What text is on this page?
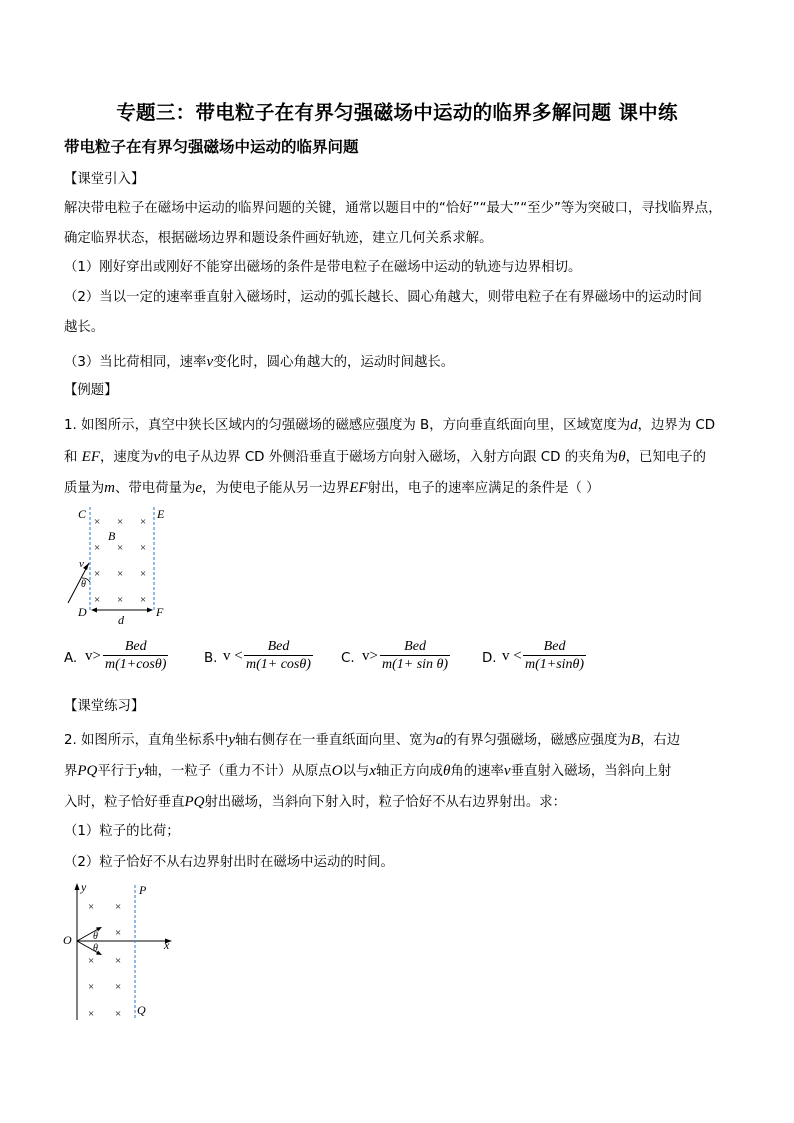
专题三：带电粒子在有界匀强磁场中运动的临界多解问题 课中练
带电粒子在有界匀强磁场中运动的临界问题
【课堂引入】
解决带电粒子在磁场中运动的临界问题的关键，通常以题目中的“恰好”“最大”“至少”等为突破口，寻找临界点，
确定临界状态，根据磁场边界和题设条件画好轨迹，建立几何关系求解。
（1）刚好穿出或刚好不能穿出磁场的条件是带电粒子在磁场中运动的轨迹与边界相切。
（2）当以一定的速率垂直射入磁场时，运动的弧长越长、圆心角越大，则带电粒子在有界磁场中的运动时间
越长。
（3）当比荷相同，速率v变化时，圆心角越大的，运动时间越长。
【例题】
1. 如图所示，真空中狭长区域内的匀强磁场的磁感应强度为 B，方向垂直纸面向里，区域宽度为d，边界为 CD
和 EF，速度为v的电子从边界 CD 外侧沿垂直于磁场方向射入磁场，入射方向跟 CD 的夹角为θ，已知电子的
质量为m、带电荷量为e，为使电子能从另一边界EF射出，电子的速率应满足的条件是（ ）
C	E
D	F
B
× × ×
× × ×
× × ×
× × ×
v
θ
d
A. v>
Bed
m(1+cosθ)	B. v <
Bed
m(1+ cosθ) C. v>
Bed
m(1+ sin θ)	D. v <
Bed
m(1+sinθ)
【课堂练习】
2. 如图所示，直角坐标系中y轴右侧存在一垂直纸面向里、宽为a的有界匀强磁场，磁感应强度为B，右边
界PQ平行于y轴，一粒子（重力不计）从原点O以与x轴正方向成θ角的速率v垂直射入磁场，当斜向上射
入时，粒子恰好垂直PQ射出磁场，当斜向下射入时，粒子恰好不从右边界射出。求：
（1）粒子的比荷；
（2）粒子恰好不从右边界射出时在磁场中运动的时间。
y
x
O
P
Q
× ×
×
× ×
× ×
× ×
θ
θ
